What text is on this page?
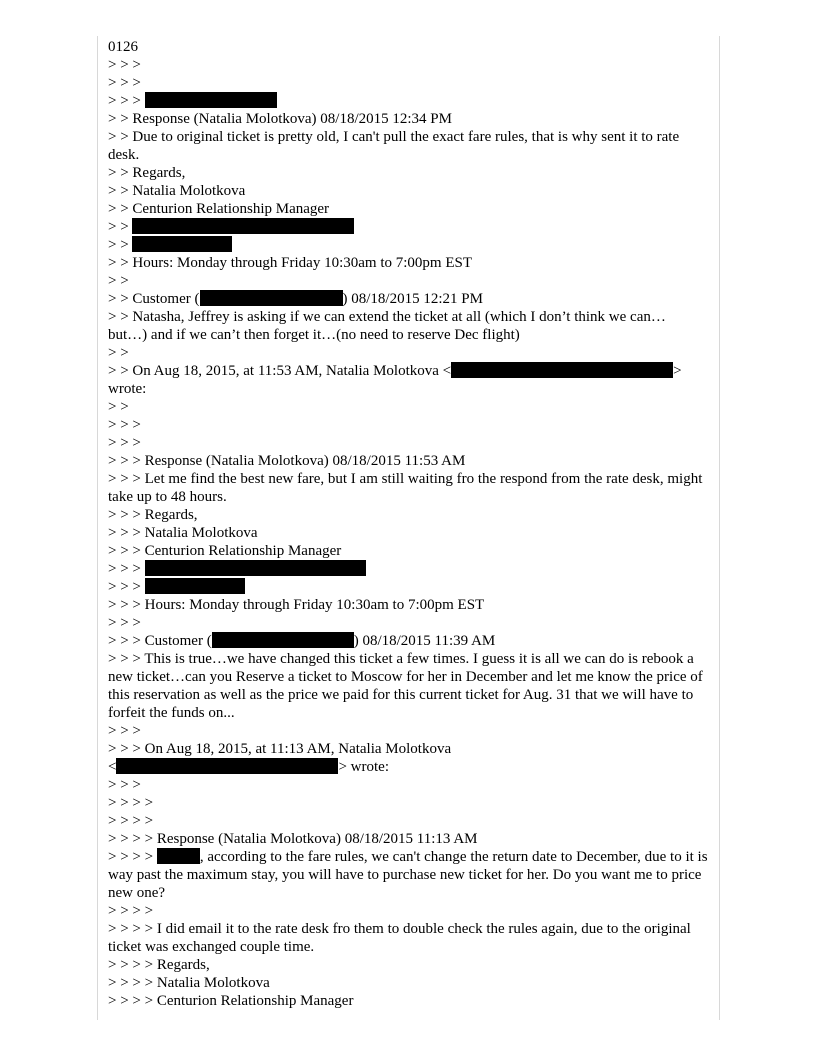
0126
> > >
> > >
> > >
> > Response (Natalia Molotkova) 08/18/2015 12:34 PM
> > Due to original ticket is pretty old, I can't pull the exact fare rules, that is why sent it to rate desk.
> > Regards,
> > Natalia Molotkova
> > Centurion Relationship Manager
> >
> >
> > Hours: Monday through Friday 10:30am to 7:00pm EST
> >
> > Customer (	) 08/18/2015 12:21 PM
> > Natasha, Jeffrey is asking if we can extend the ticket at all (which I don’t think we can… but…) and if we can’t then forget it…(no need to reserve Dec flight)
> >
> > On Aug 18, 2015, at 11:53 AM, Natalia Molotkova <	>
wrote:
> >
> > >
> > >
> > > Response (Natalia Molotkova) 08/18/2015 11:53 AM
> > > Let me find the best new fare, but I am still waiting fro the respond from the rate desk, might take up to 48 hours.
> > > Regards,
> > > Natalia Molotkova
> > > Centurion Relationship Manager
> > >
> > >
> > > Hours: Monday through Friday 10:30am to 7:00pm EST
> > >
> > > Customer (	) 08/18/2015 11:39 AM
> > > This is true…we have changed this ticket a few times. I guess it is all we can do is rebook a new ticket…can you Reserve a ticket to Moscow for her in December and let me know the price of this reservation as well as the price we paid for this current ticket for Aug. 31 that we will have to forfeit the funds on...
> > >
> > > On Aug 18, 2015, at 11:13 AM, Natalia Molotkova
<	> wrote:
> > >
> > > >
> > > >
> > > > Response (Natalia Molotkova) 08/18/2015 11:13 AM
> > > >	, according to the fare rules, we can't change the return date to December, due to it is way past the maximum stay, you will have to purchase new ticket for her. Do you want me to price new one?
> > > >
> > > > I did email it to the rate desk fro them to double check the rules again, due to the original ticket was exchanged couple time.
> > > > Regards,
> > > > Natalia Molotkova
> > > > Centurion Relationship Manager
